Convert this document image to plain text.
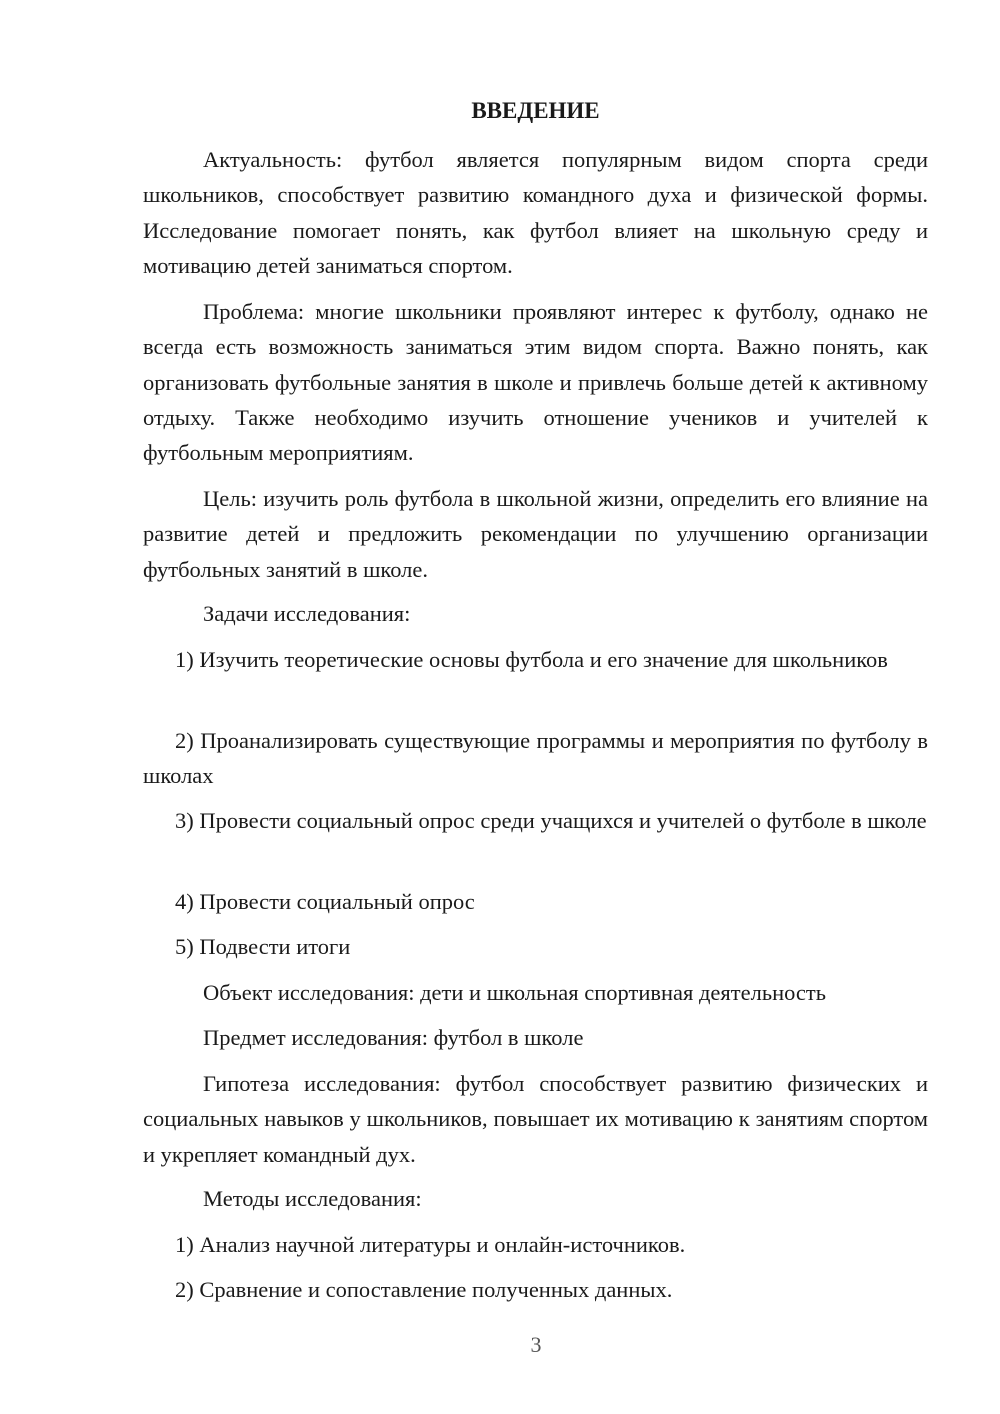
ВВЕДЕНИЕ

Актуальность: футбол является популярным видом спорта среди школьников, способствует развитию командного духа и физической формы. Исследование помогает понять, как футбол влияет на школьную среду и мотивацию детей заниматься спортом.

Проблема: многие школьники проявляют интерес к футболу, однако не всегда есть возможность заниматься этим видом спорта. Важно понять, как организовать футбольные занятия в школе и привлечь больше детей к активному отдыху. Также необходимо изучить отношение учеников и учителей к футбольным мероприятиям.

Цель: изучить роль футбола в школьной жизни, определить его влияние на развитие детей и предложить рекомендации по улучшению организации футбольных занятий в школе.

Задачи исследования:

1) Изучить теоретические основы футбола и его значение для школьников

2) Проанализировать существующие программы и мероприятия по футболу в школах

3) Провести социальный опрос среди учащихся и учителей о футболе в школе

4) Провести социальный опрос

5) Подвести итоги

Объект исследования: дети и школьная спортивная деятельность

Предмет исследования: футбол в школе

Гипотеза исследования: футбол способствует развитию физических и социальных навыков у школьников, повышает их мотивацию к занятиям спортом и укрепляет командный дух.

Методы исследования:

1) Анализ научной литературы и онлайн-источников.

2) Сравнение и сопоставление полученных данных.

3
